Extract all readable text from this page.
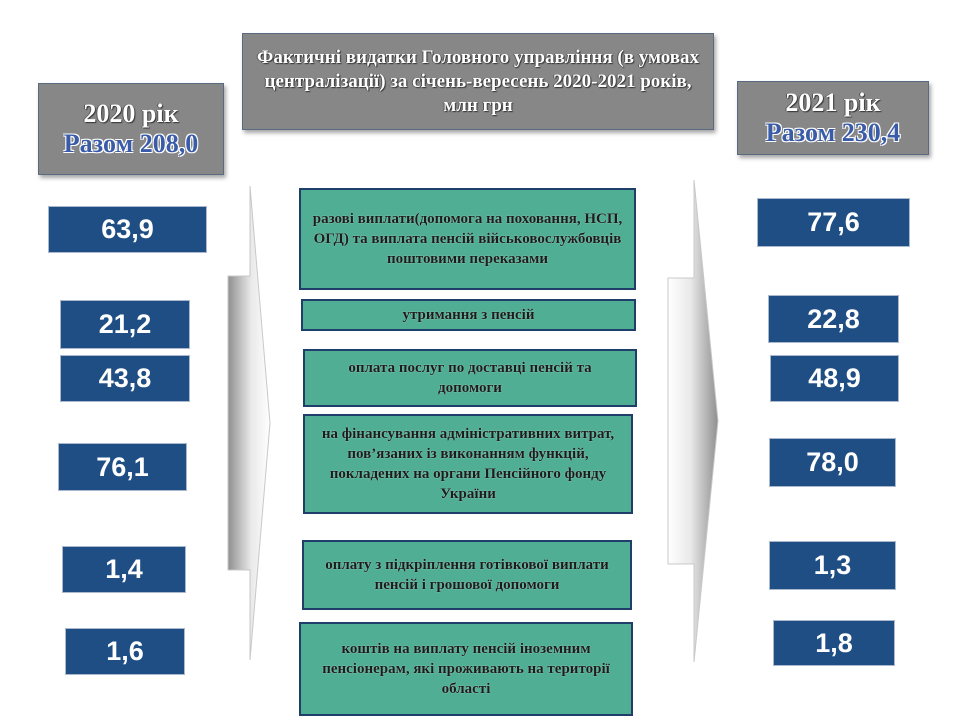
2020 рік
Разом 208,0
Фактичні видатки Головного управління (в умовах централізації) за січень-вересень 2020-2021 років, млн грн	2021 рік
Разом 230,4
63,9
21,2
43,8
76,1
1,4
1,6
77,6
22,8
48,9
78,0
1,3
1,8
разові виплати(допомога на поховання, НСП, ОГД) та виплата пенсій військовослужбовців поштовими переказами
утримання з пенсій
оплата послуг по доставці пенсій та допомоги
на фінансування адміністративних витрат, пов’язаних із виконанням функцій, покладених на органи Пенсійного фонду України
оплату з підкріплення готівкової виплати пенсій і грошової допомоги
коштів на виплату пенсій іноземним пенсіонерам, які проживають на території області
